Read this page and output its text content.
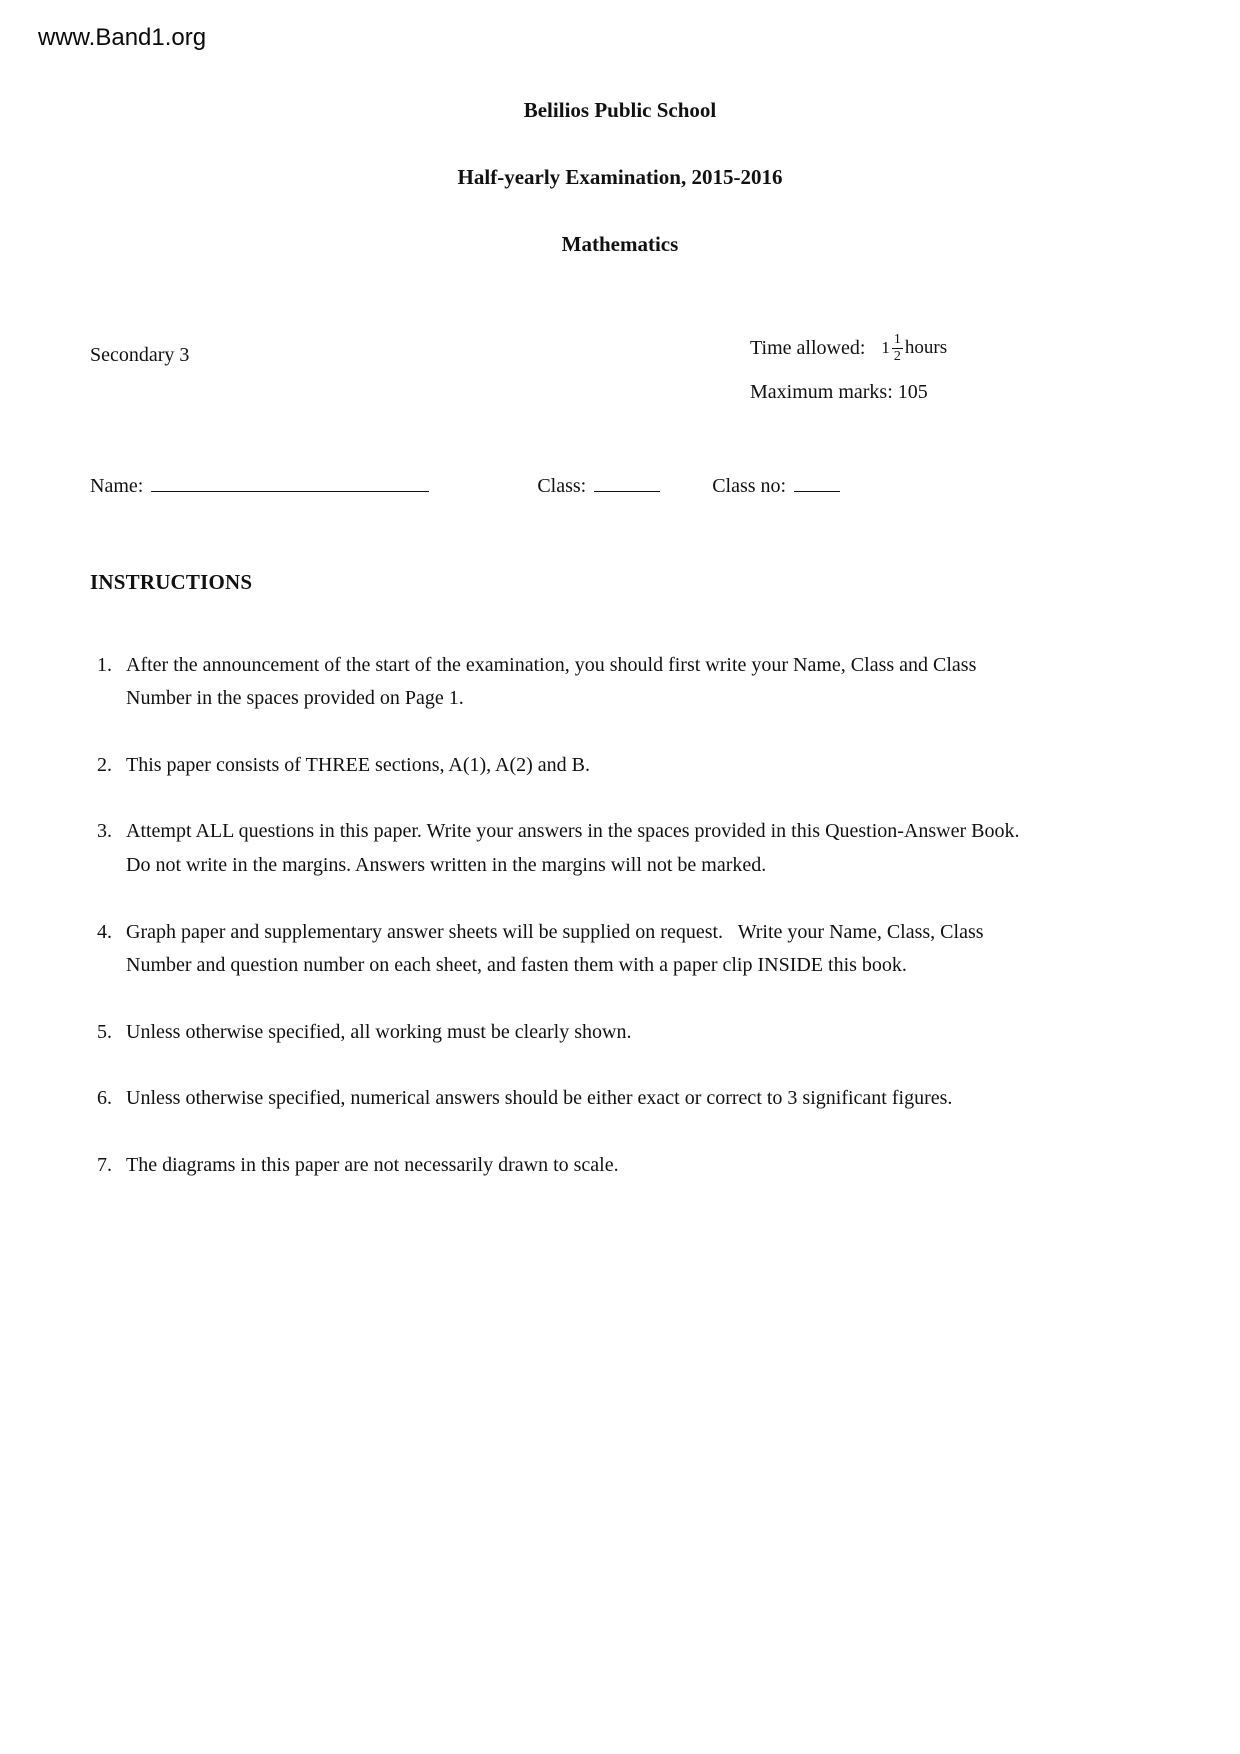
www.Band1.org
Belilios Public School
Half-yearly Examination, 2015-2016
Mathematics
Secondary 3	Time allowed: $1 \frac{1}{2}$ hours
Maximum marks: 105
Name:	Class:	Class no:
INSTRUCTIONS
1. After the announcement of the start of the examination, you should first write your Name, Class and Class Number in the spaces provided on Page 1.
2. This paper consists of THREE sections, A(1), A(2) and B.
3. Attempt ALL questions in this paper. Write your answers in the spaces provided in this Question-Answer Book. Do not write in the margins. Answers written in the margins will not be marked.
4. Graph paper and supplementary answer sheets will be supplied on request.   Write your Name, Class, Class Number and question number on each sheet, and fasten them with a paper clip INSIDE this book.
5. Unless otherwise specified, all working must be clearly shown.
6. Unless otherwise specified, numerical answers should be either exact or correct to 3 significant figures.
7. The diagrams in this paper are not necessarily drawn to scale.
